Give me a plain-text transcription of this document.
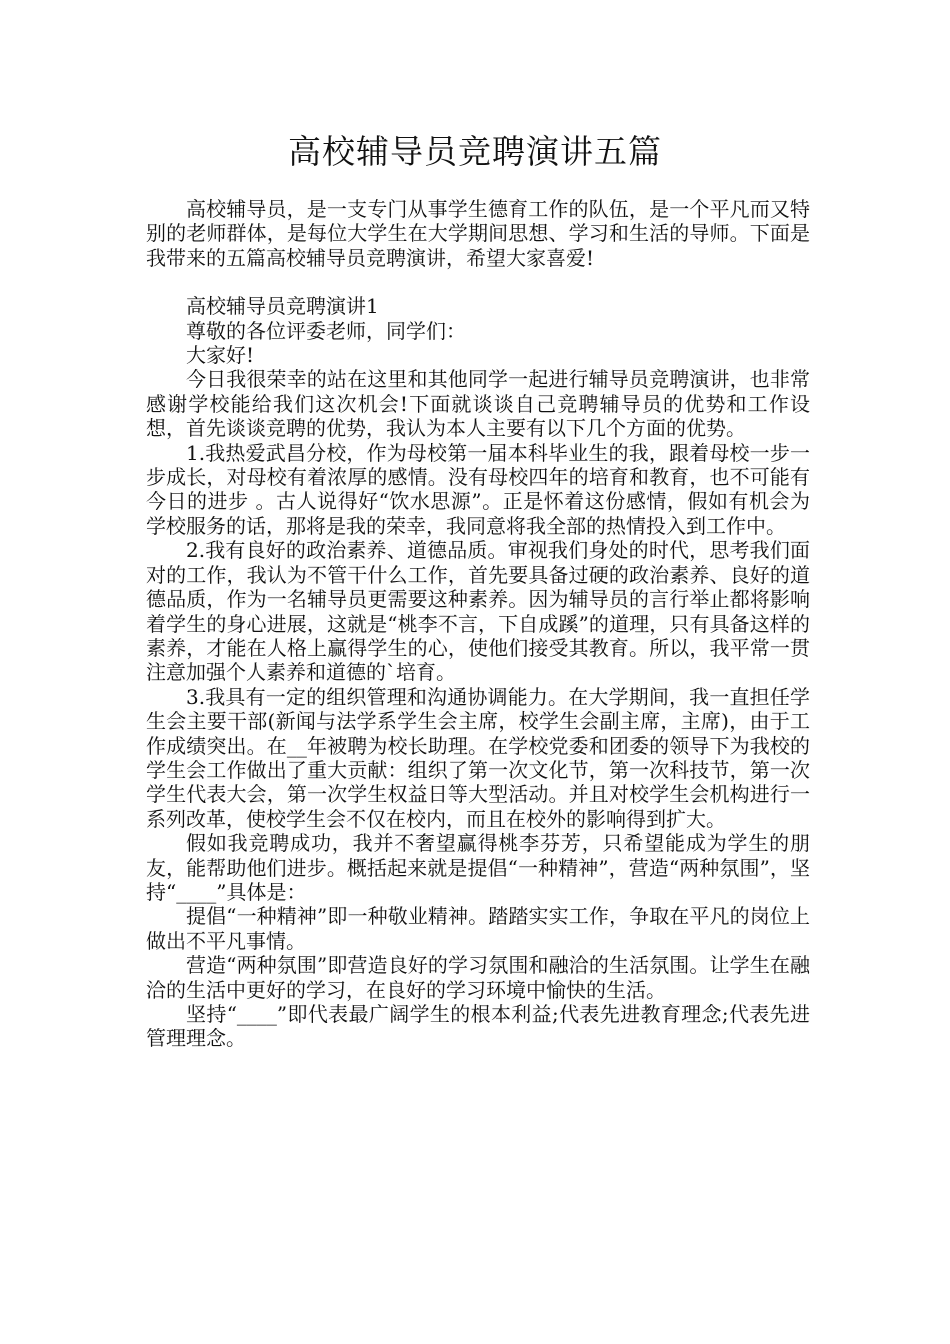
高校辅导员竞聘演讲五篇

高校辅导员，是一支专门从事学生德育工作的队伍，是一个平凡而又特别的老师群体，是每位大学生在大学期间思想、学习和生活的导师。下面是我带来的五篇高校辅导员竞聘演讲，希望大家喜爱!

高校辅导员竞聘演讲1

尊敬的各位评委老师，同学们：

大家好!

今日我很荣幸的站在这里和其他同学一起进行辅导员竞聘演讲，也非常感谢学校能给我们这次机会!下面就谈谈自己竞聘辅导员的优势和工作设想，首先谈谈竞聘的优势，我认为本人主要有以下几个方面的优势。

1.我热爱武昌分校，作为母校第一届本科毕业生的我，跟着母校一步一步成长，对母校有着浓厚的感情。没有母校四年的培育和教育，也不可能有今日的进步 。古人说得好“饮水思源”。正是怀着这份感情，假如有机会为学校服务的话，那将是我的荣幸，我同意将我全部的热情投入到工作中。

2.我有良好的政治素养、道德品质。审视我们身处的时代，思考我们面对的工作，我认为不管干什么工作，首先要具备过硬的政治素养、良好的道德品质，作为一名辅导员更需要这种素养。因为辅导员的言行举止都将影响着学生的身心进展，这就是“桃李不言，下自成蹊”的道理，只有具备这样的素养，才能在人格上赢得学生的心，使他们接受其教育。所以，我平常一贯注意加强个人素养和道德的`培育。

3.我具有一定的组织管理和沟通协调能力。在大学期间，我一直担任学生会主要干部(新闻与法学系学生会主席，校学生会副主席，主席)，由于工作成绩突出。在__年被聘为校长助理。在学校党委和团委的领导下为我校的学生会工作做出了重大贡献：组织了第一次文化节，第一次科技节，第一次学生代表大会，第一次学生权益日等大型活动。并且对校学生会机构进行一系列改革，使校学生会不仅在校内，而且在校外的影响得到扩大。

假如我竞聘成功，我并不奢望赢得桃李芬芳，只希望能成为学生的朋友，能帮助他们进步。概括起来就是提倡“一种精神”，营造“两种氛围”，坚持“____”具体是：

提倡“一种精神”即一种敬业精神。踏踏实实工作，争取在平凡的岗位上做出不平凡事情。

营造“两种氛围”即营造良好的学习氛围和融洽的生活氛围。让学生在融洽的生活中更好的学习，在良好的学习环境中愉快的生活。

坚持“____”即代表最广阔学生的根本利益;代表先进教育理念;代表先进管理理念。
